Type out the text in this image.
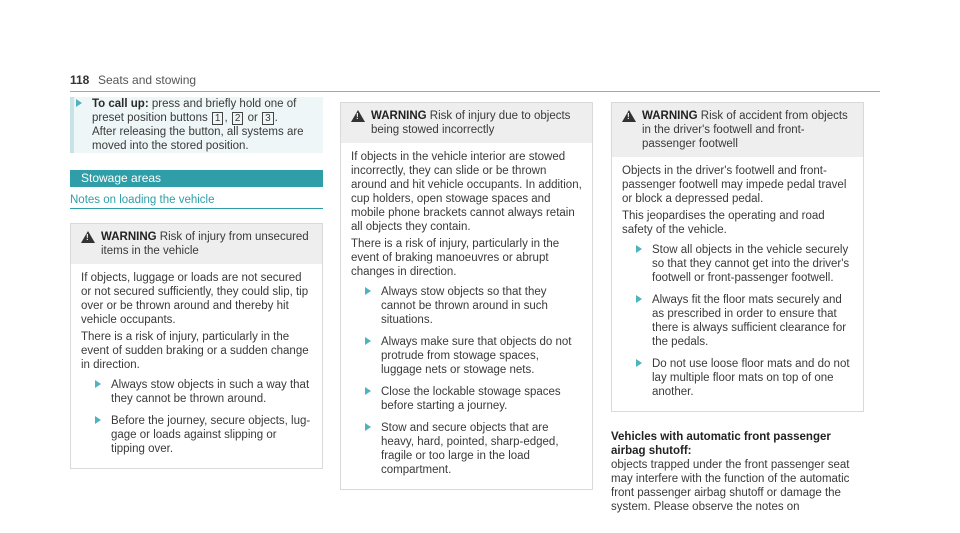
118 Seats and stowing

To call up: press and briefly hold one of preset position buttons 1 , 2 or 3 .

After releasing the button, all systems are moved into the stored position.

Stowage areas
Notes on loading the vehicle
!
WARNING Risk of injury from unsecured items in the vehicle

If objects, luggage or loads are not secured or not secured sufficiently, they could slip, tip over or be thrown around and thereby hit vehicle occupants.

There is a risk of injury, particularly in the event of sudden braking or a sudden change in direction.

Always stow objects in such a way that they cannot be thrown around.

Before the journey, secure objects, luggage or loads against slipping or tipping over.

!
WARNING Risk of injury due to objects being stowed incorrectly

If objects in the vehicle interior are stowed incorrectly, they can slide or be thrown around and hit vehicle occupants. In addition, cup holders, open stowage spaces and mobile phone brackets cannot always retain all objects they contain.

There is a risk of injury, particularly in the event of braking manoeuvres or abrupt changes in direction.

Always stow objects so that they cannot be thrown around in such situations.

Always make sure that objects do not protrude from stowage spaces, luggage nets or stowage nets.

Close the lockable stowage spaces before starting a journey.

Stow and secure objects that are heavy, hard, pointed, sharp-edged, fragile or too large in the load compartment.

!
WARNING Risk of accident from objects in the driver's footwell and front-passenger footwell

Objects in the driver's footwell and front-passenger footwell may impede pedal travel or block a depressed pedal.

This jeopardises the operating and road safety of the vehicle.

Stow all objects in the vehicle securely so that they cannot get into the driver's footwell or front-passenger footwell.

Always fit the floor mats securely and as prescribed in order to ensure that there is always sufficient clearance for the pedals.

Do not use loose floor mats and do not lay multiple floor mats on top of one another.

Vehicles with automatic front passenger airbag shutoff:
objects trapped under the front passenger seat may interfere with the function of the automatic front passenger airbag shutoff or damage the system. Please observe the notes on
